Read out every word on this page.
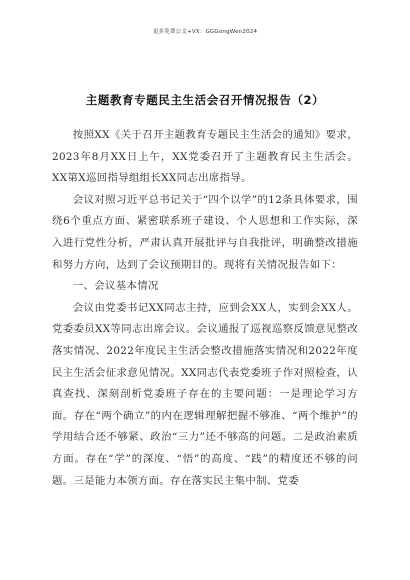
更多免费公文+VX：GGGongWen2024
主题教育专题民主生活会召开情况报告（2）

按照XX《关于召开主题教育专题民主生活会的通知》要求，2023年8月XX日上午，XX党委召开了主题教育民主生活会。XX第X巡回指导组组长XX同志出席指导。

会议对照习近平总书记关于“四个以学”的12条具体要求，围绕6个重点方面、紧密联系班子建设、个人思想和工作实际，深入进行党性分析，严肃认真开展批评与自我批评，明确整改措施和努力方向，达到了会议预期目的。现将有关情况报告如下：

一、会议基本情况

会议由党委书记XX同志主持，应到会XX人，实到会XX人。党委委员XX等同志出席会议。会议通报了巡视巡察反馈意见整改落实情况、2022年度民主生活会整改措施落实情况和2022年度民主生活会征求意见情况。XX同志代表党委班子作对照检查，认真查找、深刻剖析党委班子存在的主要问题：一是理论学习方面。存在“两个确立”的内在逻辑理解把握不够准、“两个维护”的学用结合还不够紧、政治“三力”还不够高的问题。二是政治素质方面。存在“学”的深度、“悟”的高度、“践”的精度还不够的问题。三是能力本领方面。存在落实民主集中制、党委
